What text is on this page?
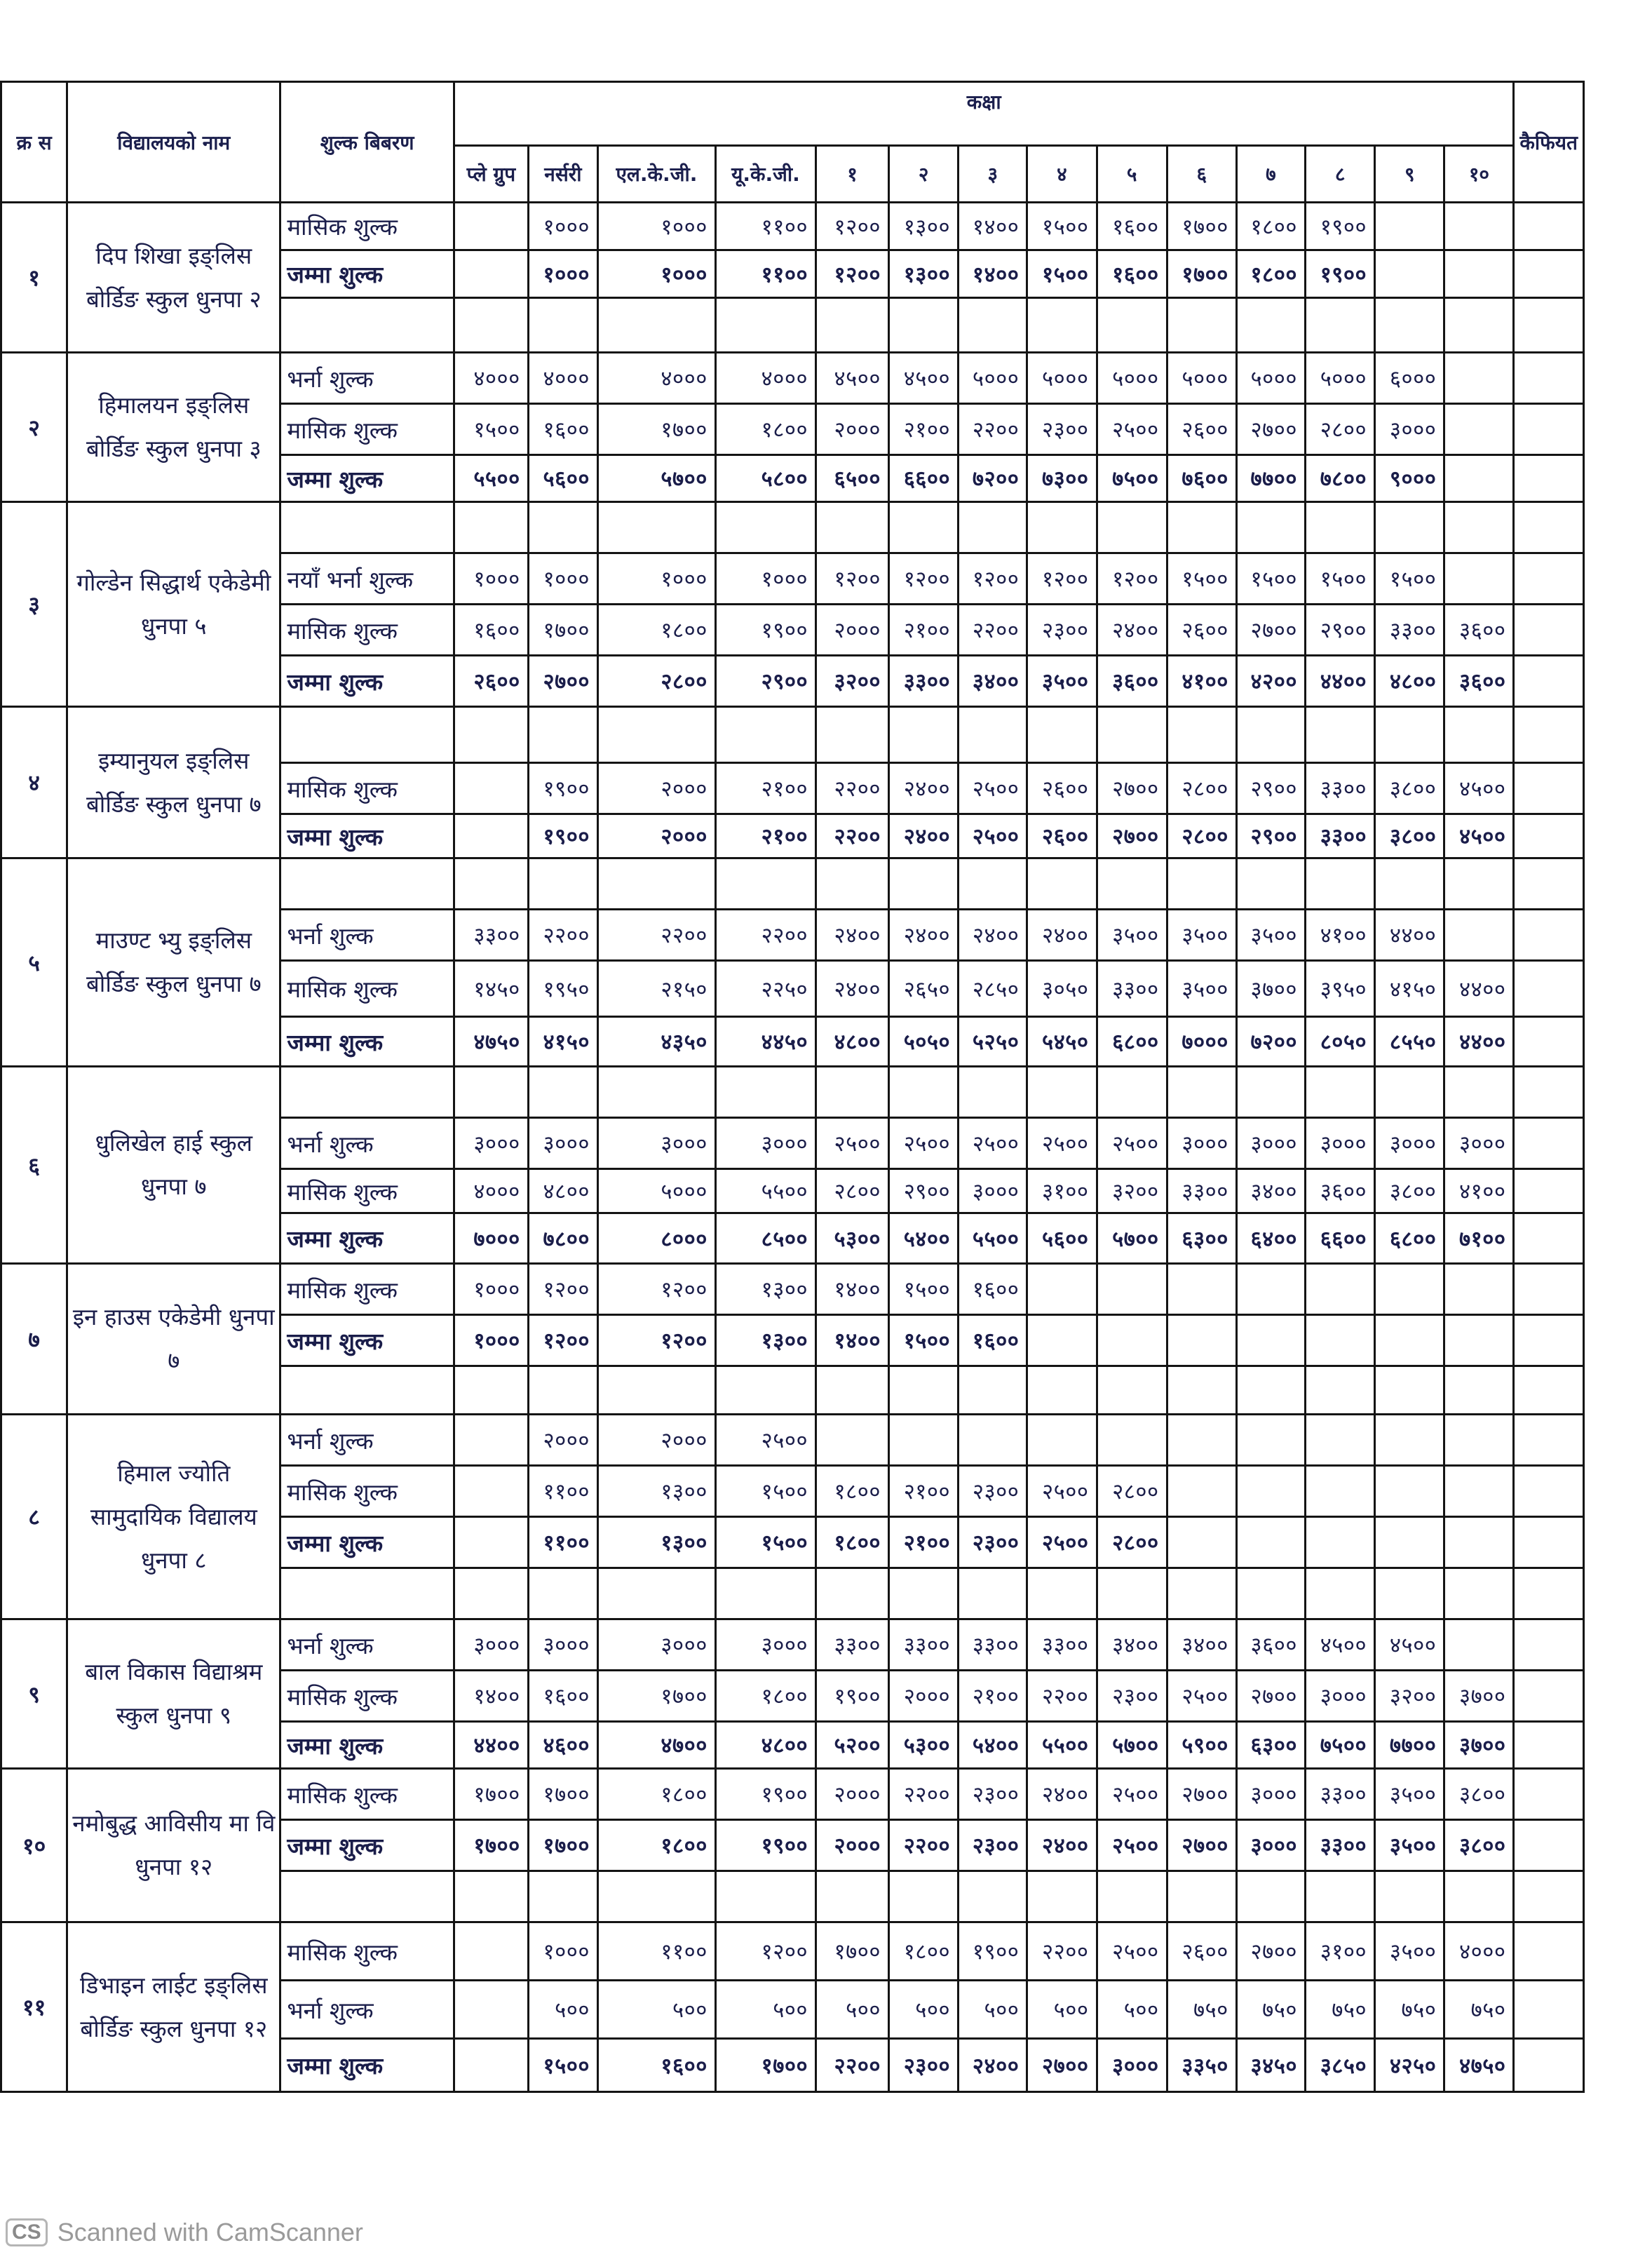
क्र स	विद्यालयको नाम	शुल्क बिबरण	कक्षा														कैफियत
			प्ले ग्रुप	नर्सरी	एल.के.जी.	यू.के.जी.	१	२	३	४	५	६	७	८	९	१०	
१	दिप शिखा इङ्लिस बोर्डिङ स्कुल धुनपा २	मासिक शुल्क		१०००	१०००	११००	१२००	१३००	१४००	१५००	१६००	१७००	१८००	१९००			
		जम्मा शुल्क		१०००	१०००	११००	१२००	१३००	१४००	१५००	१६००	१७००	१८००	१९००			

२	हिमालयन इङ्लिस बोर्डिङ स्कुल धुनपा ३	भर्ना शुल्क	४०००	४०००	४०००	४०००	४५००	४५००	५०००	५०००	५०००	५०००	५०००	५०००	६०००		
		मासिक शुल्क	१५००	१६००	१७००	१८००	२०००	२१००	२२००	२३००	२५००	२६००	२७००	२८००	३०००		
		जम्मा शुल्क	५५००	५६००	५७००	५८००	६५००	६६००	७२००	७३००	७५००	७६००	७७००	७८००	९०००		
३	गोल्डेन सिद्धार्थ एकेडेमी धुनपा ५																
		नयाँ भर्ना शुल्क	१०००	१०००	१०००	१०००	१२००	१२००	१२००	१२००	१२००	१५००	१५००	१५००	१५००		
		मासिक शुल्क	१६००	१७००	१८००	१९००	२०००	२१००	२२००	२३००	२४००	२६००	२७००	२९००	३३००	३६००	
		जम्मा शुल्क	२६००	२७००	२८००	२९००	३२००	३३००	३४००	३५००	३६००	४१००	४२००	४४००	४८००	३६००	
४	इम्यानुयल इङ्लिस बोर्डिङ स्कुल धुनपा ७																
		मासिक शुल्क		१९००	२०००	२१००	२२००	२४००	२५००	२६००	२७००	२८००	२९००	३३००	३८००	४५००	
		जम्मा शुल्क		१९००	२०००	२१००	२२००	२४००	२५००	२६००	२७००	२८००	२९००	३३००	३८००	४५००	
५	माउण्ट भ्यु इङ्लिस बोर्डिङ स्कुल धुनपा ७																
		भर्ना शुल्क	३३००	२२००	२२००	२२००	२४००	२४००	२४००	२४००	३५००	३५००	३५००	४१००	४४००		
		मासिक शुल्क	१४५०	१९५०	२१५०	२२५०	२४००	२६५०	२८५०	३०५०	३३००	३५००	३७००	३९५०	४१५०	४४००	
		जम्मा शुल्क	४७५०	४१५०	४३५०	४४५०	४८००	५०५०	५२५०	५४५०	६८००	७०००	७२००	८०५०	८५५०	४४००	
६	धुलिखेल हाई स्कुल धुनपा ७																
		भर्ना शुल्क	३०००	३०००	३०००	३०००	२५००	२५००	२५००	२५००	२५००	३०००	३०००	३०००	३०००	३०००	
		मासिक शुल्क	४०००	४८००	५०००	५५००	२८००	२९००	३०००	३१००	३२००	३३००	३४००	३६००	३८००	४१००	
		जम्मा शुल्क	७०००	७८००	८०००	८५००	५३००	५४००	५५००	५६००	५७००	६३००	६४००	६६००	६८००	७१००	
७	इन हाउस एकेडेमी धुनपा ७	मासिक शुल्क	१०००	१२००	१२००	१३००	१४००	१५००	१६००								
		जम्मा शुल्क	१०००	१२००	१२००	१३००	१४००	१५००	१६००								

८	हिमाल ज्योति सामुदायिक विद्यालय धुनपा ८	भर्ना शुल्क		२०००	२०००	२५००											
		मासिक शुल्क		११००	१३००	१५००	१८००	२१००	२३००	२५००	२८००						
		जम्मा शुल्क		११००	१३००	१५००	१८००	२१००	२३००	२५००	२८००						

९	बाल विकास विद्याश्रम स्कुल धुनपा ९	भर्ना शुल्क	३०००	३०००	३०००	३०००	३३००	३३००	३३००	३३००	३४००	३४००	३६००	४५००	४५००		
		मासिक शुल्क	१४००	१६००	१७००	१८००	१९००	२०००	२१००	२२००	२३००	२५००	२७००	३०००	३२००	३७००	
		जम्मा शुल्क	४४००	४६००	४७००	४८००	५२००	५३००	५४००	५५००	५७००	५९००	६३००	७५००	७७००	३७००	
१०	नमोबुद्ध आविसीय मा वि धुनपा १२	मासिक शुल्क	१७००	१७००	१८००	१९००	२०००	२२००	२३००	२४००	२५००	२७००	३०००	३३००	३५००	३८००	
		जम्मा शुल्क	१७००	१७००	१८००	१९००	२०००	२२००	२३००	२४००	२५००	२७००	३०००	३३००	३५००	३८००	

११	डिभाइन लाईट इङ्लिस बोर्डिङ स्कुल धुनपा १२	मासिक शुल्क		१०००	११००	१२००	१७००	१८००	१९००	२२००	२५००	२६००	२७००	३१००	३५००	४०००	
		भर्ना शुल्क		५००	५००	५००	५००	५००	५००	५००	५००	७५०	७५०	७५०	७५०	७५०	
		जम्मा शुल्क		१५००	१६००	१७००	२२००	२३००	२४००	२७००	३०००	३३५०	३४५०	३८५०	४२५०	४७५०	
CS Scanned with CamScanner
